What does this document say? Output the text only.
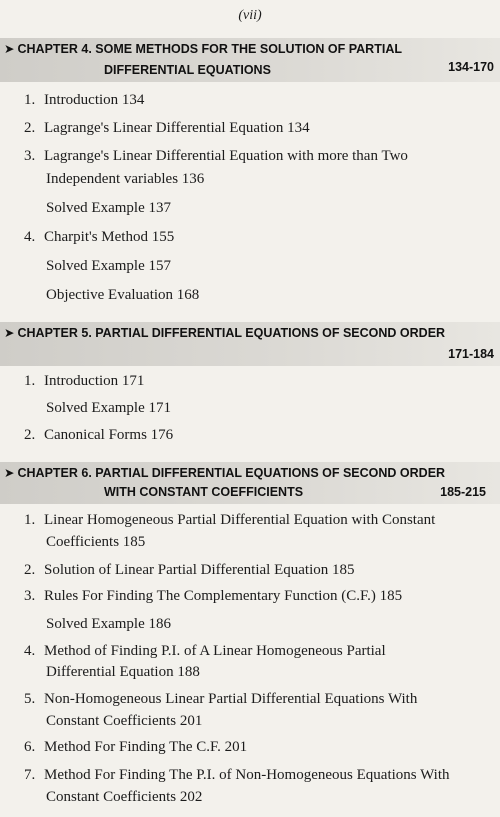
(vii)
➤ CHAPTER 4. SOME METHODS FOR THE SOLUTION OF PARTIAL
DIFFERENTIAL EQUATIONS	134-170
1. Introduction 134
2. Lagrange's Linear Differential Equation 134
3. Lagrange's Linear Differential Equation with more than Two
Independent variables 136
Solved Example 137
4. Charpit's Method 155
Solved Example 157
Objective Evaluation 168
➤ CHAPTER 5. PARTIAL DIFFERENTIAL EQUATIONS OF SECOND ORDER
171-184
1. Introduction 171
Solved Example 171
2. Canonical Forms 176
➤ CHAPTER 6. PARTIAL DIFFERENTIAL EQUATIONS OF SECOND ORDER
WITH CONSTANT COEFFICIENTS	185-215
1. Linear Homogeneous Partial Differential Equation with Constant
Coefficients 185
2. Solution of Linear Partial Differential Equation 185
3. Rules For Finding The Complementary Function (C.F.) 185
Solved Example 186
4. Method of Finding P.I. of A Linear Homogeneous Partial
Differential Equation 188
5. Non-Homogeneous Linear Partial Differential Equations With
Constant Coefficients 201
6. Method For Finding The C.F. 201
7. Method For Finding The P.I. of Non-Homogeneous Equations With
Constant Coefficients 202
